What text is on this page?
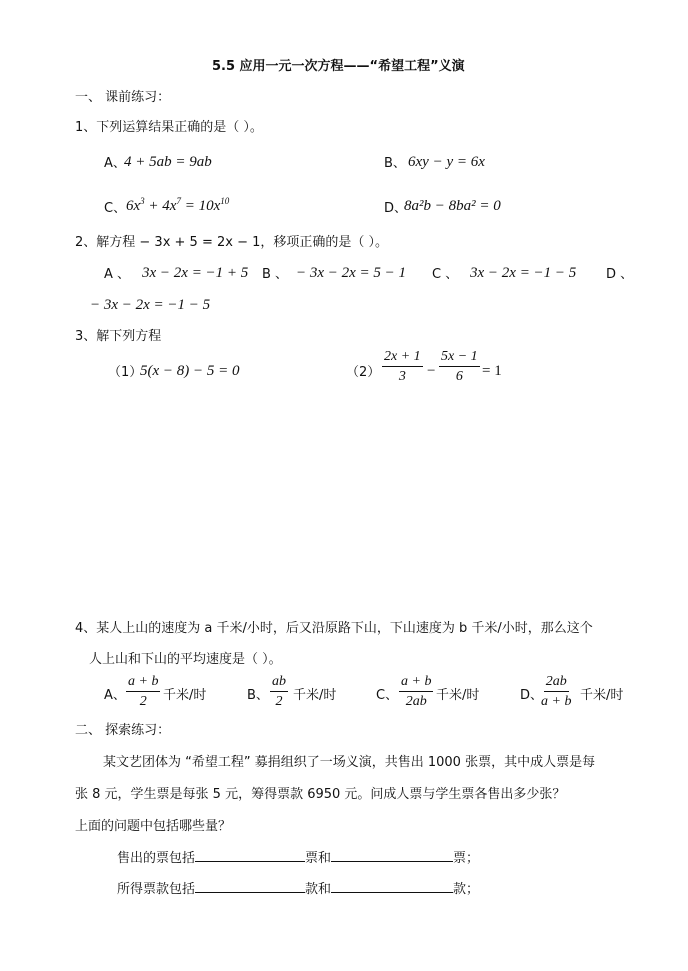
5.5 应用一元一次方程——“希望工程”义演
一、 课前练习：
1、下列运算结果正确的是（ ）。
A、
4 + 5ab = 9ab	B、 6xy − y = 6x
C、 $6x^3 + 4x^7 = 10x^{10}$	D、
8a²b − 8ba² = 0
2、解方程 − 3x + 5 = 2x − 1，移项正确的是（ ）。
A 、 3x − 2x = −1 + 5 B 、 − 3x − 2x = 5 − 1 C 、 3x − 2x = −1 − 5 D 、
− 3x − 2x = −1 − 5
3、解下列方程
（1）
5(x − 8) − 5 = 0	$(2) \frac{2x + 1}{3} - \frac{5x - 1}{6} = 1$
4、某人上山的速度为 a 千米/小时，后又沿原路下山，下山速度为 b 千米/小时，那么这个
人上山和下山的平均速度是（ ）。
A、 $\frac{a + b}{2}$ 千米/时	B、 $\frac{ab}{2}$ 千米/时	C、 $\frac{a + b}{2ab}$ 千米/时	D、
$\frac{2ab}{a + b}$ 千米/时
二、 探索练习：
某文艺团体为 “希望工程” 募捐组织了一场义演，共售出 1000 张票，其中成人票是每
张 8 元，学生票是每张 5 元，筹得票款 6950 元。问成人票与学生票各售出多少张？
上面的问题中包括哪些量？
售出的票包括	票和	票；
所得票款包括	款和	款；
